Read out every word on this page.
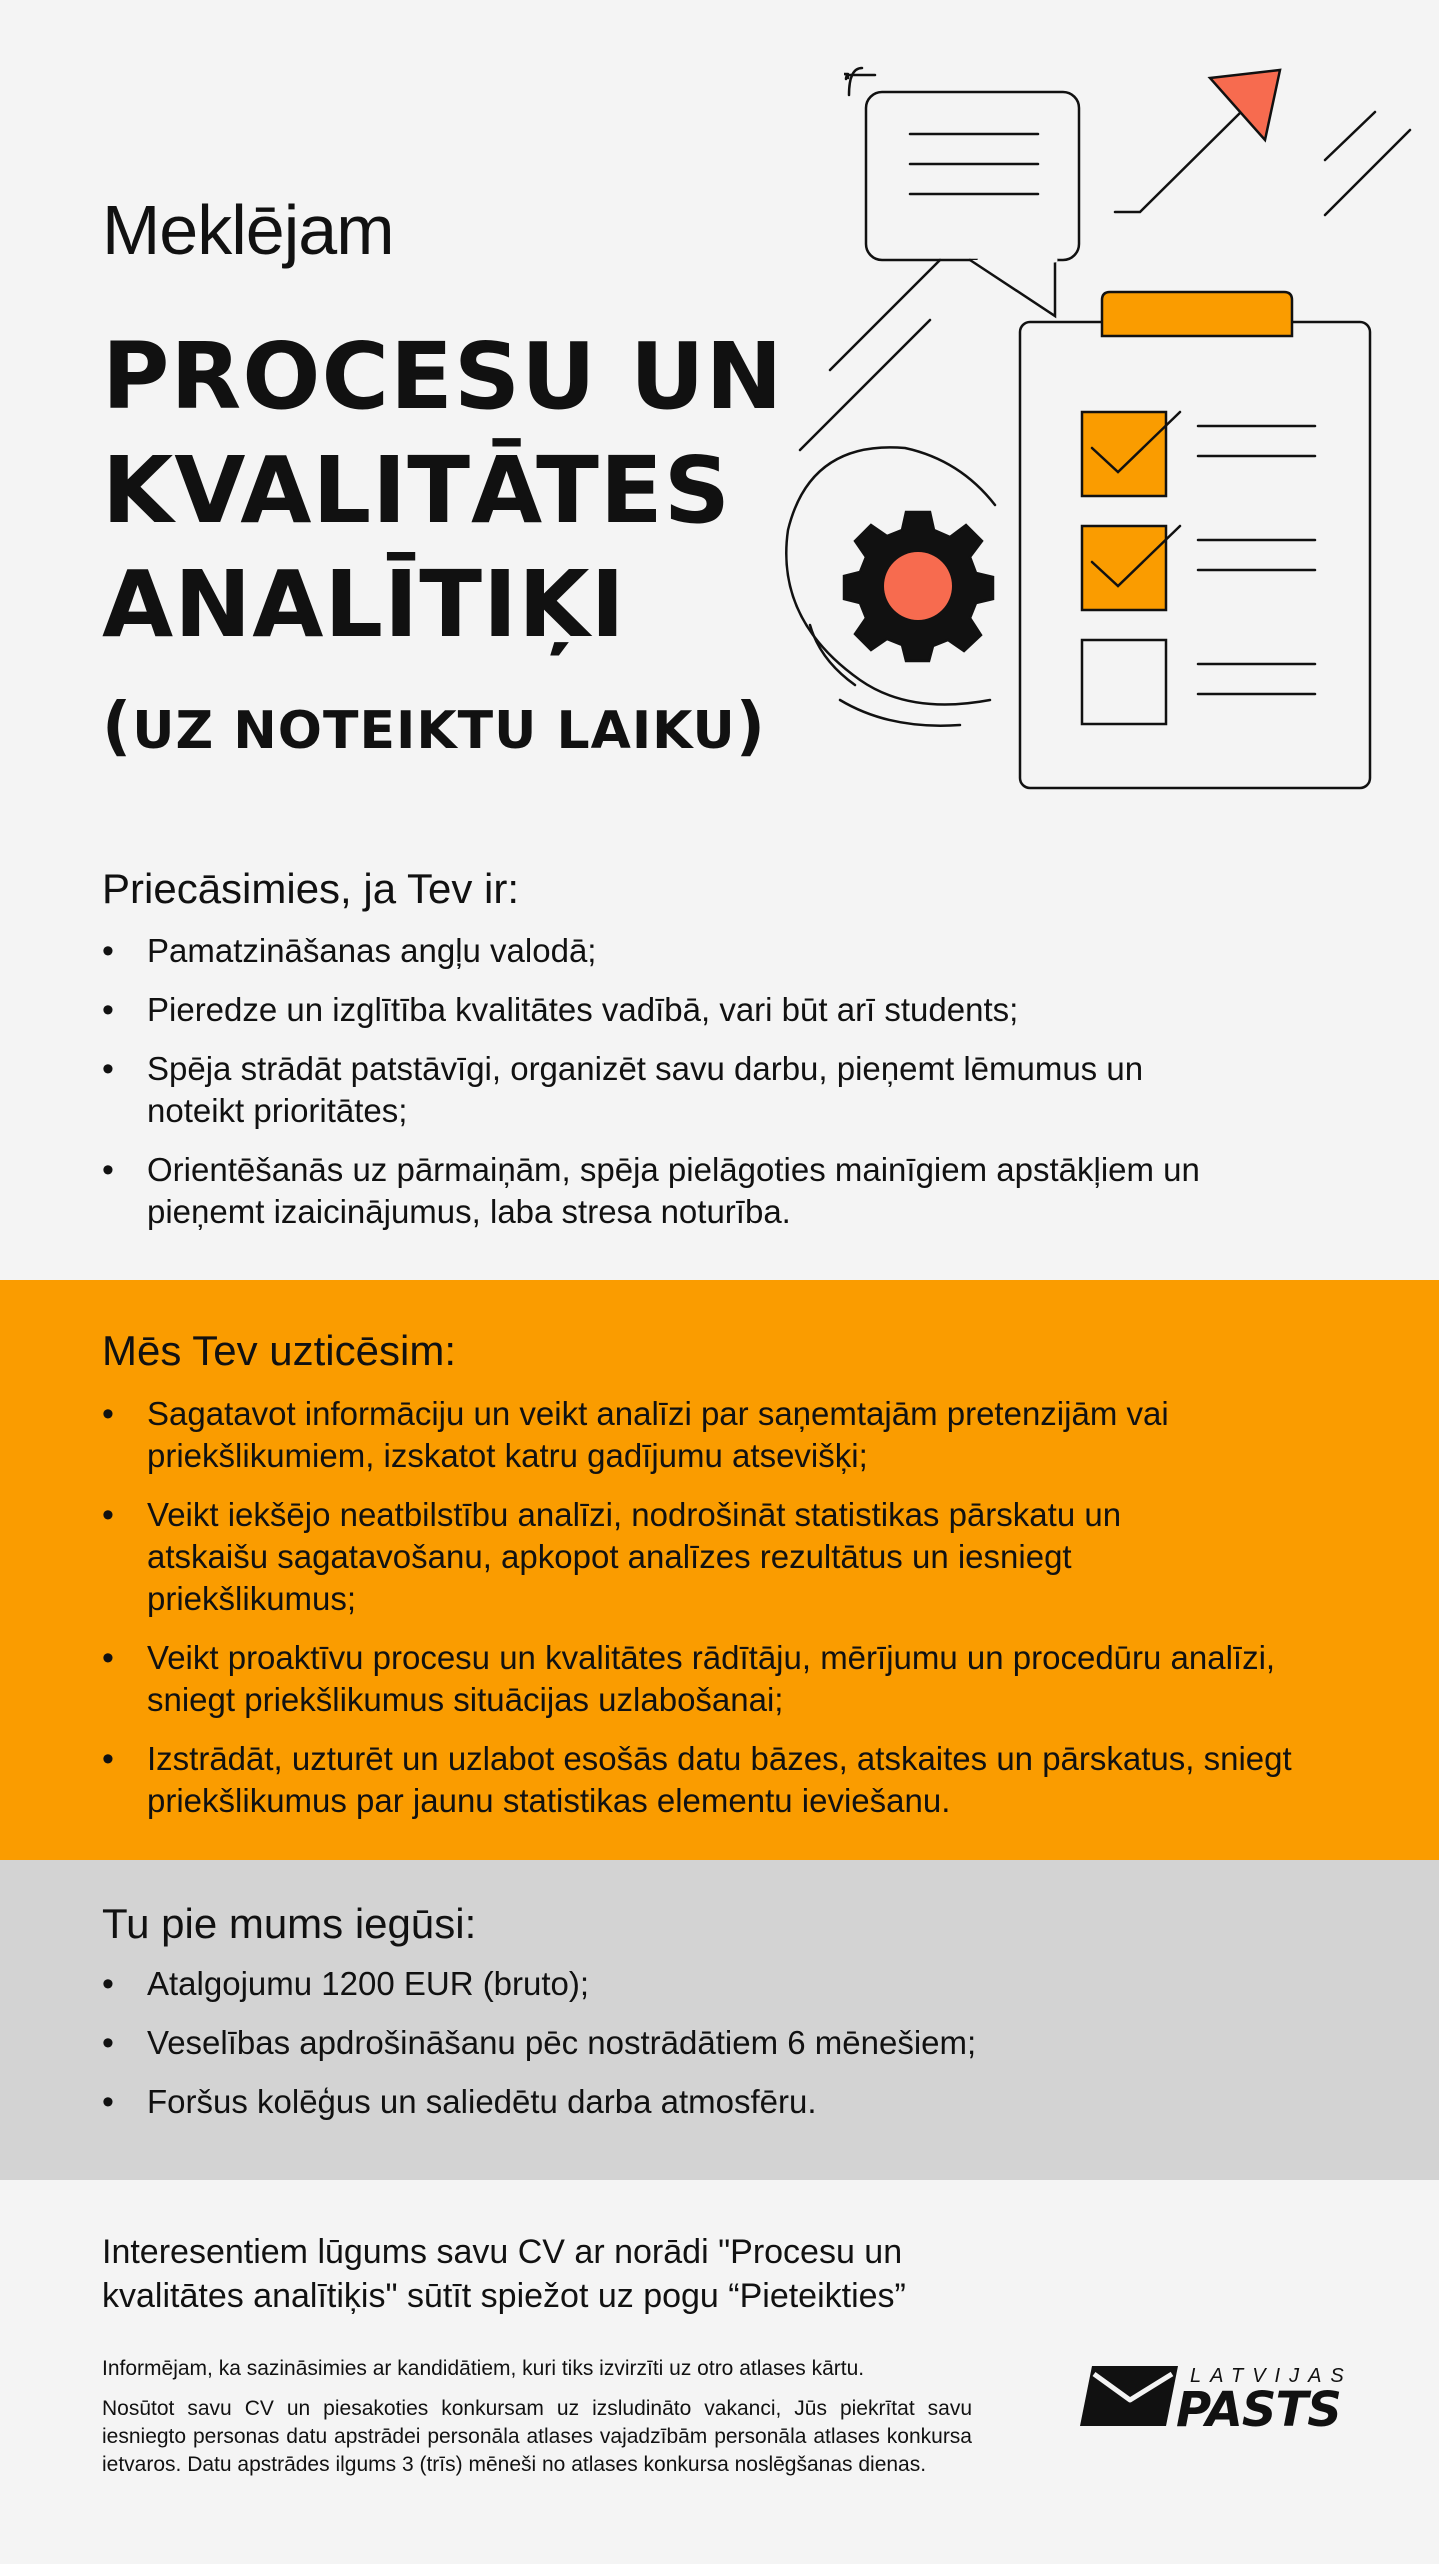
Meklējam
PROCESU UN
KVALITĀTES
ANALĪTIĶI
(UZ NOTEIKTU LAIKU)
Priecāsimies, ja Tev ir:
• Pamatzināšanas angļu valodā;
• Pieredze un izglītība kvalitātes vadībā, vari būt arī students;
• Spēja strādāt patstāvīgi, organizēt savu darbu, pieņemt lēmumus un noteikt prioritātes;
• Orientēšanās uz pārmaiņām, spēja pielāgoties mainīgiem apstākļiem un pieņemt izaicinājumus, laba stresa noturība.
Mēs Tev uzticēsim:
• Sagatavot informāciju un veikt analīzi par saņemtajām pretenzijām vai priekšlikumiem, izskatot katru gadījumu atsevišķi;
• Veikt iekšējo neatbilstību analīzi, nodrošināt statistikas pārskatu un atskaišu sagatavošanu, apkopot analīzes rezultātus un iesniegt priekšlikumus;
• Veikt proaktīvu procesu un kvalitātes rādītāju, mērījumu un procedūru analīzi, sniegt priekšlikumus situācijas uzlabošanai;
• Izstrādāt, uzturēt un uzlabot esošās datu bāzes, atskaites un pārskatus, sniegt priekšlikumus par jaunu statistikas elementu ieviešanu.
Tu pie mums iegūsi:
• Atalgojumu 1200 EUR (bruto);
• Veselības apdrošināšanu pēc nostrādātiem 6 mēnešiem;
• Foršus kolēģus un saliedētu darba atmosfēru.
Interesentiem lūgums savu CV ar norādi "Procesu un kvalitātes analītiķis" sūtīt spiežot uz pogu “Pieteikties”
Informējam, ka sazināsimies ar kandidātiem, kuri tiks izvirzīti uz otro atlases kārtu.
Nosūtot savu CV un piesakoties konkursam uz izsludināto vakanci, Jūs piekrītat savu iesniegto personas datu apstrādei personāla atlases vajadzībām personāla atlases konkursa ietvaros. Datu apstrādes ilgums 3 (trīs) mēneši no atlases konkursa noslēgšanas dienas.
LATVIJAS
PASTS
